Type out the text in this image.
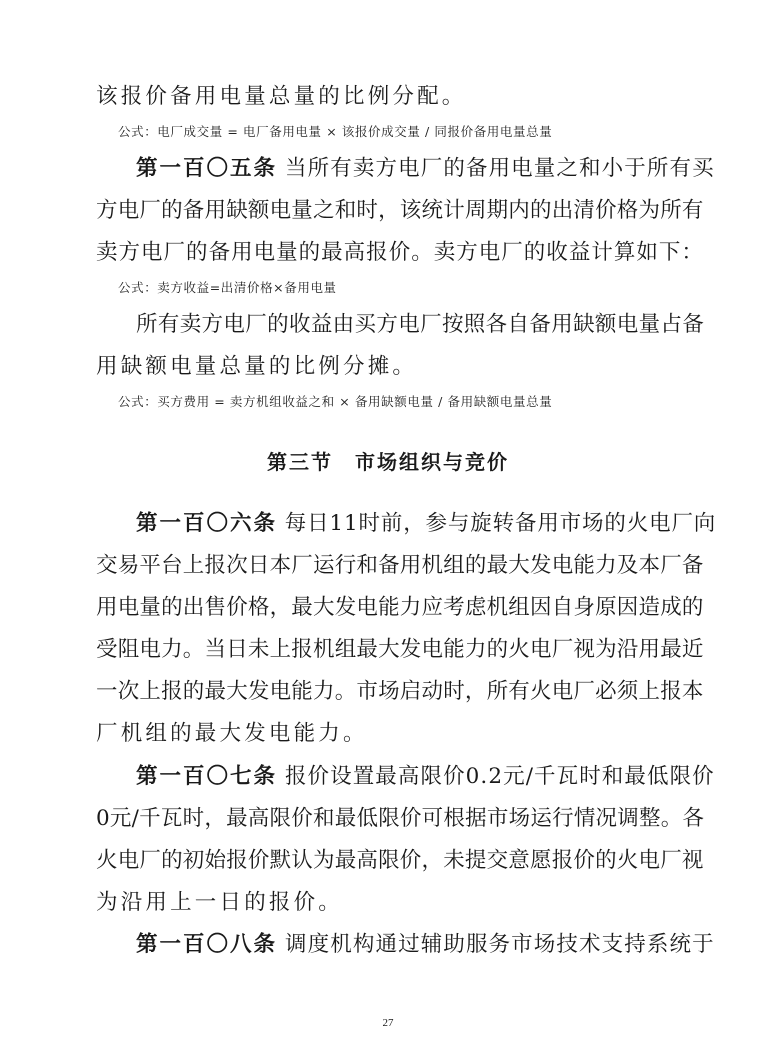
该报价备用电量总量的比例分配。
公式：电厂成交量 = 电厂备用电量 × 该报价成交量 / 同报价备用电量总量
第一百〇五条 当所有卖方电厂的备用电量之和小于所有买
方电厂的备用缺额电量之和时，该统计周期内的出清价格为所有
卖方电厂的备用电量的最高报价。卖方电厂的收益计算如下：
公式：卖方收益=出清价格×备用电量
所有卖方电厂的收益由买方电厂按照各自备用缺额电量占备
用缺额电量总量的比例分摊。
公式：买方费用 = 卖方机组收益之和 × 备用缺额电量 / 备用缺额电量总量
第三节 市场组织与竞价
第一百〇六条 每日11时前，参与旋转备用市场的火电厂向
交易平台上报次日本厂运行和备用机组的最大发电能力及本厂备
用电量的出售价格，最大发电能力应考虑机组因自身原因造成的
受阻电力。当日未上报机组最大发电能力的火电厂视为沿用最近
一次上报的最大发电能力。市场启动时，所有火电厂必须上报本
厂机组的最大发电能力。
第一百〇七条 报价设置最高限价0.2元/千瓦时和最低限价
0元/千瓦时，最高限价和最低限价可根据市场运行情况调整。各
火电厂的初始报价默认为最高限价，未提交意愿报价的火电厂视
为沿用上一日的报价。
第一百〇八条 调度机构通过辅助服务市场技术支持系统于
27
